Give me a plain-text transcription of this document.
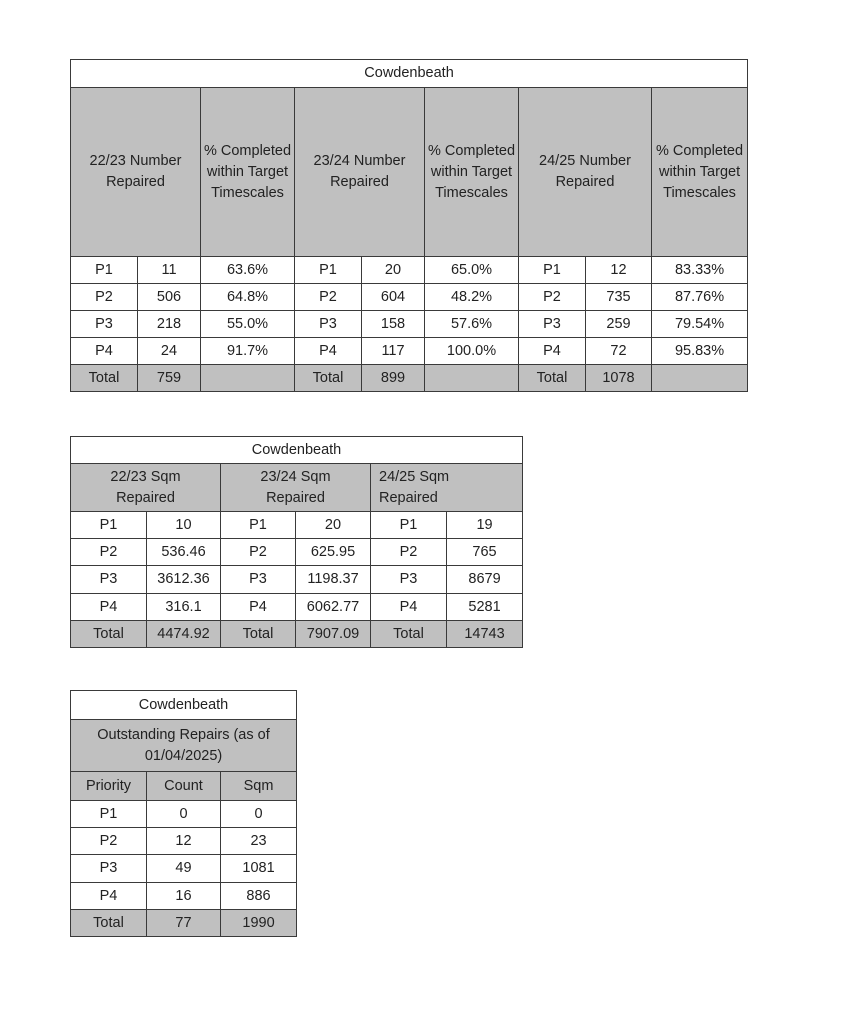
Cowdenbeath								
22/23 Number Repaired		% Completed within Target Timescales	23/24 Number Repaired		% Completed within Target Timescales	24/25 Number Repaired		% Completed within Target Timescales
P1	11	63.6%	P1	20	65.0%	P1	12	83.33%
P2	506	64.8%	P2	604	48.2%	P2	735	87.76%
P3	218	55.0%	P3	158	57.6%	P3	259	79.54%
P4	24	91.7%	P4	117	100.0%	P4	72	95.83%
Total	759		Total	899		Total	1078	
Cowdenbeath					
22/23 Sqm Repaired		23/24 Sqm Repaired		24/25 Sqm Repaired	
P1	10	P1	20	P1	19
P2	536.46	P2	625.95	P2	765
P3	3612.36	P3	1198.37	P3	8679
P4	316.1	P4	6062.77	P4	5281
Total	4474.92	Total	7907.09	Total	14743
Cowdenbeath		
Outstanding Repairs (as of 01/04/2025)		
Priority	Count	Sqm
P1	0	0
P2	12	23
P3	49	1081
P4	16	886
Total	77	1990
